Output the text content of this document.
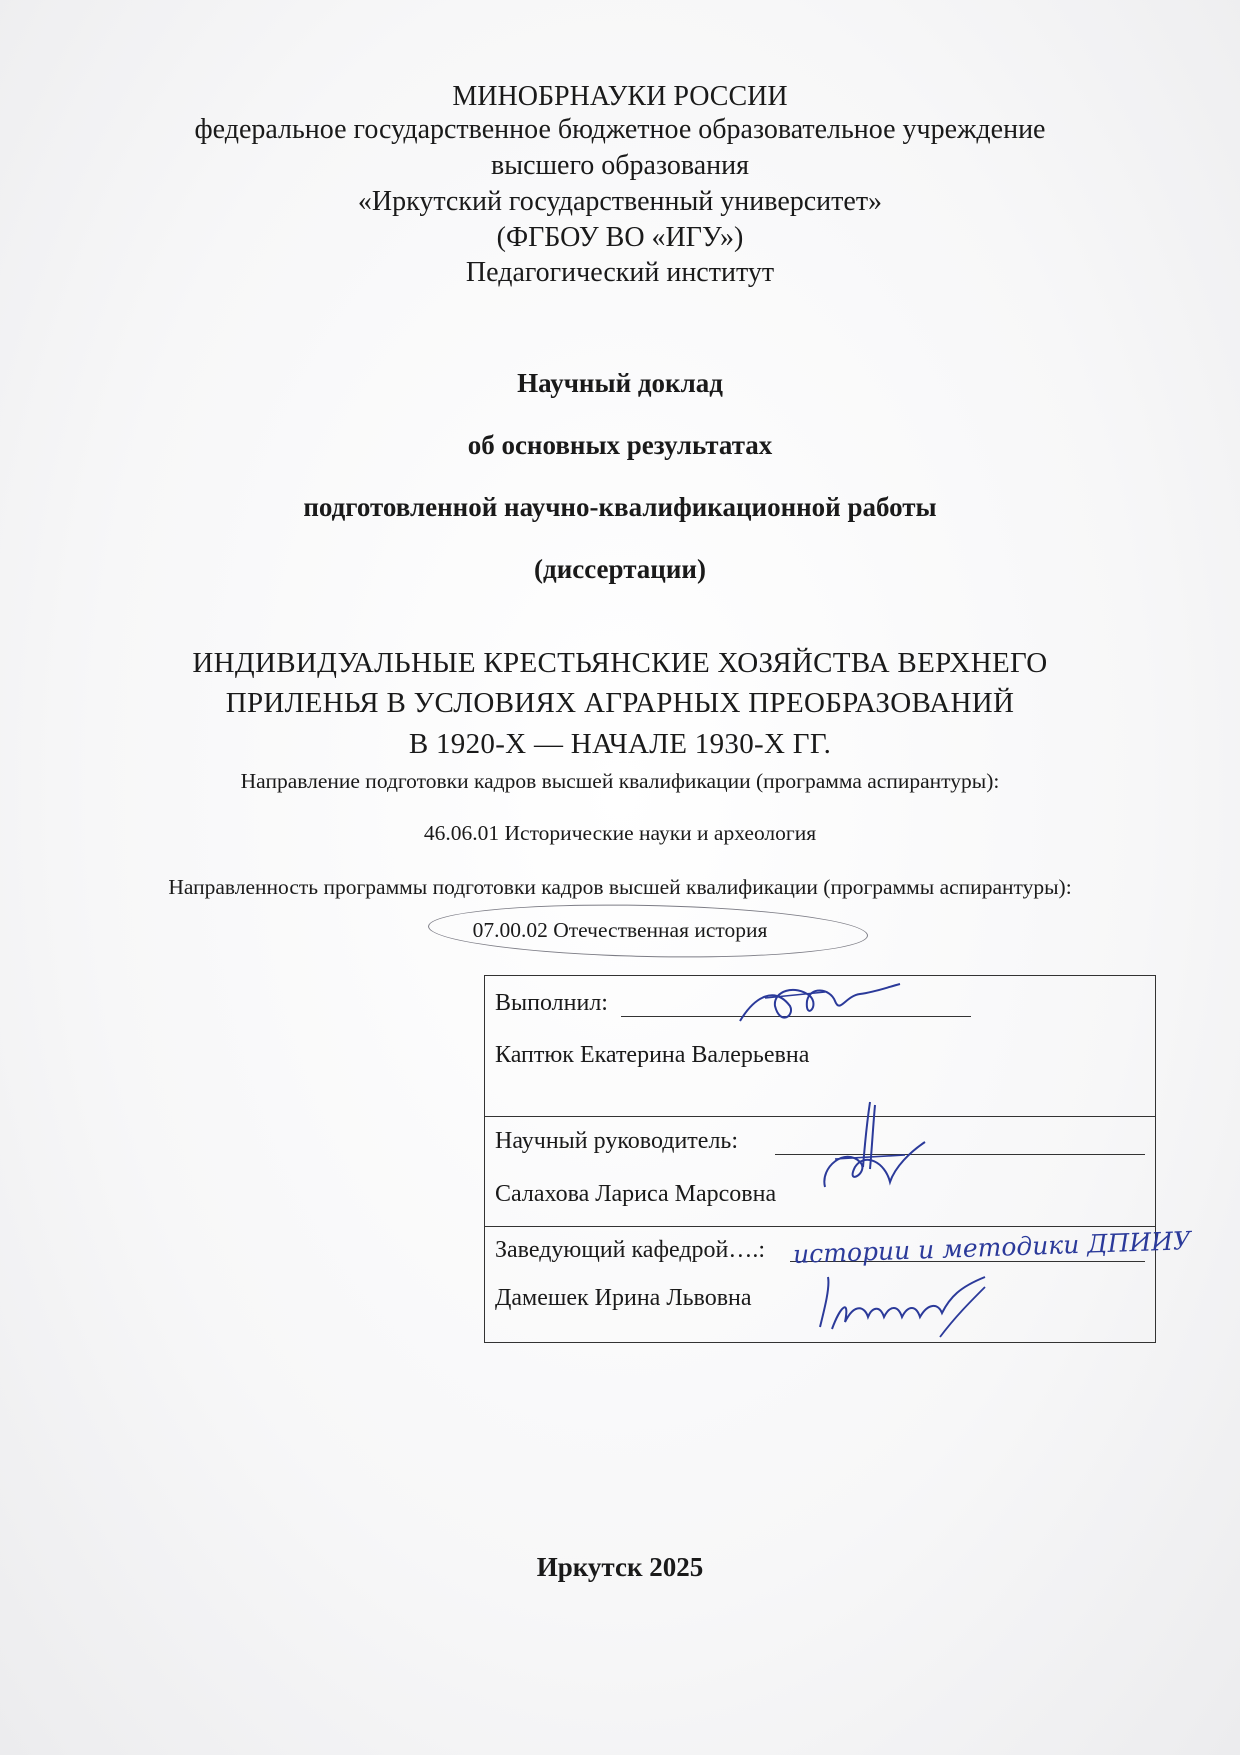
МИНОБРНАУКИ РОССИИ
федеральное государственное бюджетное образовательное учреждение
высшего образования
«Иркутский государственный университет»
(ФГБОУ ВО «ИГУ»)
Педагогический институт
Научный доклад
об основных результатах
подготовленной научно-квалификационной работы
(диссертации)
ИНДИВИДУАЛЬНЫЕ КРЕСТЬЯНСКИЕ ХОЗЯЙСТВА ВЕРХНЕГО
ПРИЛЕНЬЯ В УСЛОВИЯХ АГРАРНЫХ ПРЕОБРАЗОВАНИЙ
В 1920-Х — НАЧАЛЕ 1930-Х ГГ.
Направление подготовки кадров высшей квалификации (программа аспирантуры):
46.06.01 Исторические науки и археология
Направленность программы подготовки кадров высшей квалификации (программы аспирантуры):
07.00.02 Отечественная история
Выполнил:
Каптюк Екатерина Валерьевна
Научный руководитель:
Салахова Лариса Марсовна
Заведующий кафедрой….: истории и методики ДПИИУ
Дамешек Ирина Львовна
Иркутск 2025
